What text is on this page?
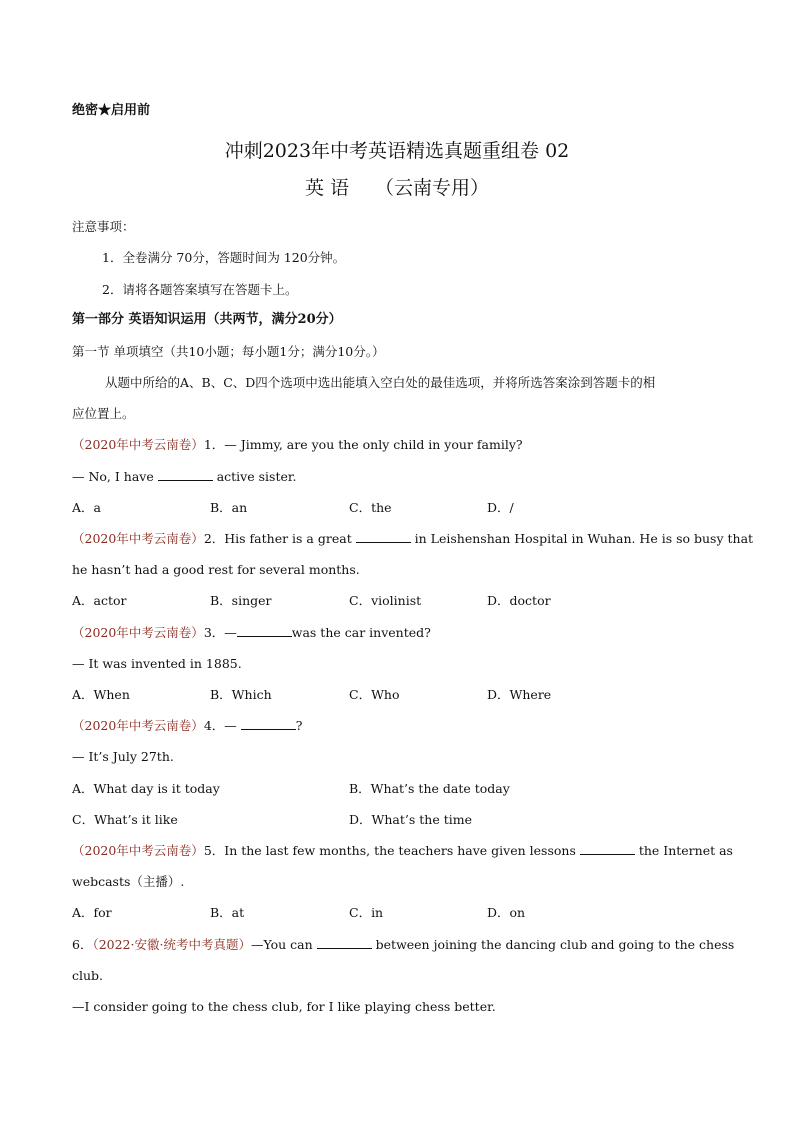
绝密★启用前
冲刺2023年中考英语精选真题重组卷 02
英 语 （云南专用）
注意事项：
1．全卷满分 70分，答题时间为 120分钟。
2．请将各题答案填写在答题卡上。
第一部分 英语知识运用（共两节，满分20分）
第一节 单项填空（共10小题；每小题1分；满分10分。）
从题中所给的A、B、C、D四个选项中选出能填入空白处的最佳选项，并将所选答案涂到答题卡的相
应位置上。
（2020年中考云南卷）1．— Jimmy, are you the only child in your family?
— No, I have	active sister.
A．a	B．an	C．the	D．/
（2020年中考云南卷）2．His father is a great	in Leishenshan Hospital in Wuhan. He is so busy that
he hasn’t had a good rest for several months.
A．actor	B．singer	C．violinist	D．doctor
（2020年中考云南卷）3．—	was the car invented?
— It was invented in 1885.
A．When	B．Which	C．Who	D．Where
（2020年中考云南卷）4．—	?
— It’s July 27th.
A．What day is it today	B．What’s the date today
C．What’s it like	D．What’s the time
（2020年中考云南卷）5．In the last few months, the teachers have given lessons	the Internet as
webcasts（主播）.
A．for	B．at	C．in	D．on
6．（2022·安徽·统考中考真题）—You can	between joining the dancing club and going to the chess
club.
—I consider going to the chess club, for I like playing chess better.
